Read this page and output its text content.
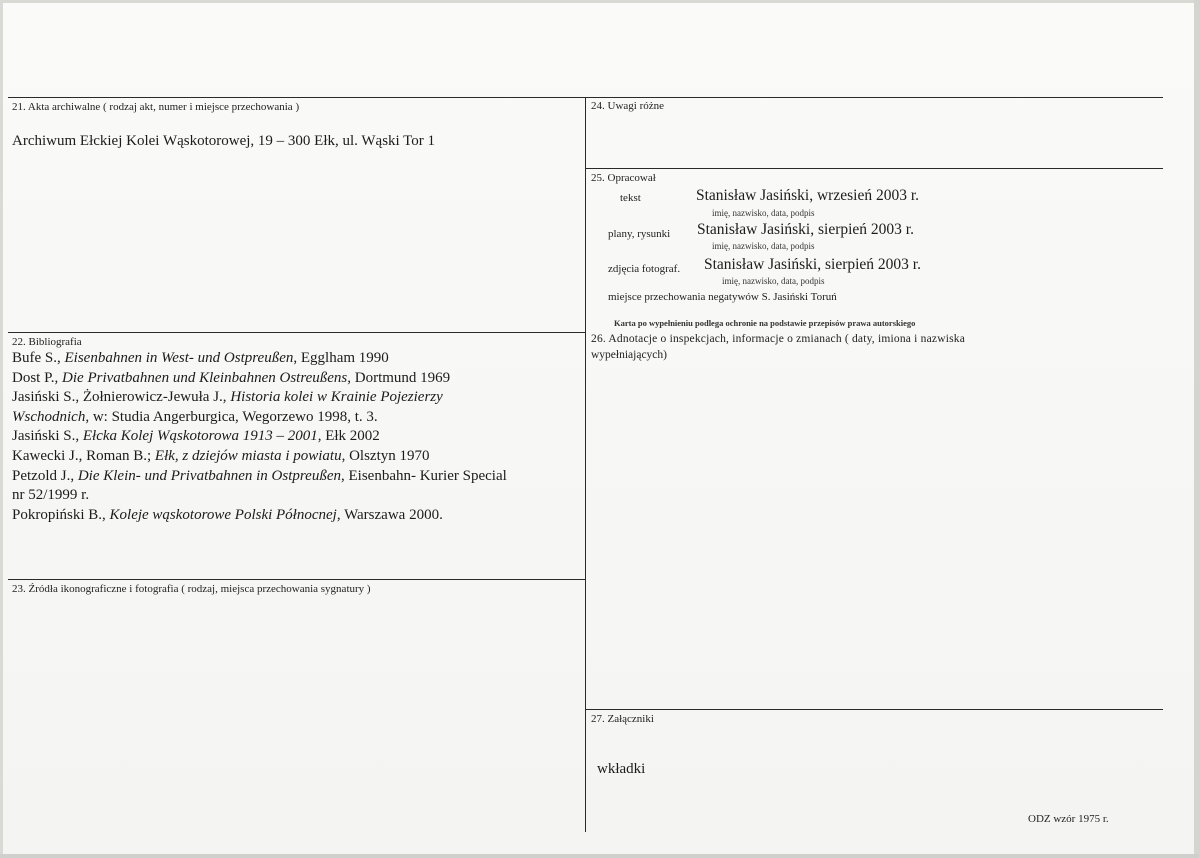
21. Akta archiwalne ( rodzaj akt, numer i miejsce przechowania )
Archiwum Ełckiej Kolei Wąskotorowej, 19 – 300 Ełk, ul. Wąski Tor 1
22. Bibliografia
Bufe S., Eisenbahnen in West- und Ostpreußen, Egglham 1990
Dost P., Die Privatbahnen und Kleinbahnen Ostreußens, Dortmund 1969
Jasiński S., Żołnierowicz-Jewuła J., Historia kolei w Krainie Pojezierzy
Wschodnich, w: Studia Angerburgica, Wegorzewo 1998, t. 3.
Jasiński S., Ełcka Kolej Wąskotorowa 1913 – 2001, Ełk 2002
Kawecki J., Roman B.; Ełk, z dziejów miasta i powiatu, Olsztyn 1970
Petzold J., Die Klein- und Privatbahnen in Ostpreußen, Eisenbahn- Kurier Special
nr 52/1999 r.
Pokropiński B., Koleje wąskotorowe Polski Północnej, Warszawa 2000.
23. Źródła ikonograficzne i fotografia ( rodzaj, miejsca przechowania sygnatury )
24. Uwagi różne
25. Opracował
tekst	Stanisław Jasiński, wrzesień 2003 r.
imię, nazwisko, data, podpis
plany, rysunki Stanisław Jasiński, sierpień 2003 r.
imię, nazwisko, data, podpis
zdjęcia fotograf. Stanisław Jasiński, sierpień 2003 r.
imię, nazwisko, data, podpis
miejsce przechowania negatywów S. Jasiński Toruń
Karta po wypełnieniu podlega ochronie na podstawie przepisów prawa autorskiego
26. Adnotacje o inspekcjach, informacje o zmianach ( daty, imiona i nazwiska
wypełniających)
27. Załączniki
wkładki
ODZ wzór 1975 r.
